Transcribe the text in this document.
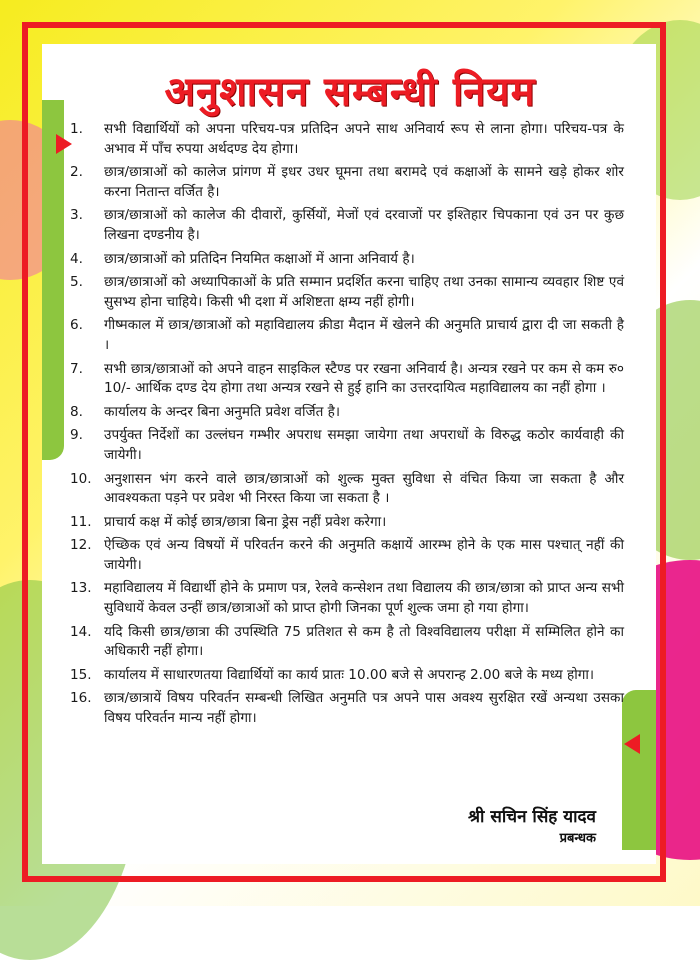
अनुशासन सम्बन्धी नियम
1.	सभी विद्यार्थियों को अपना परिचय-पत्र प्रतिदिन अपने साथ अनिवार्य रूप से लाना होगा। परिचय-पत्र के अभाव में पाँच रुपया अर्थदण्ड देय होगा।
2.	छात्र/छात्राओं को कालेज प्रांगण में इधर उधर घूमना तथा बरामदे एवं कक्षाओं के सामने खड़े होकर शोर करना नितान्त वर्जित है।
3.	छात्र/छात्राओं को कालेज की दीवारों, कुर्सियों, मेजों एवं दरवाजों पर इश्तिहार चिपकाना एवं उन पर कुछ लिखना दण्डनीय है।
4.	छात्र/छात्राओं को प्रतिदिन नियमित कक्षाओं में आना अनिवार्य है।
5.	छात्र/छात्राओं को अध्यापिकाओं के प्रति सम्मान प्रदर्शित करना चाहिए तथा उनका सामान्य व्यवहार शिष्ट एवं सुसभ्य होना चाहिये। किसी भी दशा में अशिष्टता क्षम्य नहीं होगी।
6.	गीष्मकाल में छात्र/छात्राओं को महाविद्यालय क्रीडा मैदान में खेलने की अनुमति प्राचार्य द्वारा दी जा सकती है ।
7.	सभी छात्र/छात्राओं को अपने वाहन साइकिल स्टैण्ड पर रखना अनिवार्य है। अन्यत्र रखने पर कम से कम रु० 10/- आर्थिक दण्ड देय होगा तथा अन्यत्र रखने से हुई हानि का उत्तरदायित्व महाविद्यालय का नहीं होगा ।
8.	कार्यालय के अन्दर बिना अनुमति प्रवेश वर्जित है।
9.	उपर्युक्त निर्देशों का उल्लंघन गम्भीर अपराध समझा जायेगा तथा अपराधों के विरुद्ध कठोर कार्यवाही की जायेगी।
10. अनुशासन भंग करने वाले छात्र/छात्राओं को शुल्क मुक्त सुविधा से वंचित किया जा सकता है और आवश्यकता पड़ने पर प्रवेश भी निरस्त किया जा सकता है ।
11. प्राचार्य कक्ष में कोई छात्र/छात्रा बिना ड्रेस नहीं प्रवेश करेगा।
12. ऐच्छिक एवं अन्य विषयों में परिवर्तन करने की अनुमति कक्षायें आरम्भ होने के एक मास पश्चात् नहीं की जायेगी।
13. महाविद्यालय में विद्यार्थी होने के प्रमाण पत्र, रेलवे कन्सेशन तथा विद्यालय की छात्र/छात्रा को प्राप्त अन्य सभी सुविधायें केवल उन्हीं छात्र/छात्राओं को प्राप्त होगी जिनका पूर्ण शुल्क जमा हो गया होगा।
14. यदि किसी छात्र/छात्रा की उपस्थिति 75 प्रतिशत से कम है तो विश्वविद्यालय परीक्षा में सम्मिलित होने का अधिकारी नहीं होगा।
15. कार्यालय में साधारणतया विद्यार्थियों का कार्य प्रातः 10.00 बजे से अपरान्ह 2.00 बजे के मध्य होगा।
16. छात्र/छात्रायें विषय परिवर्तन सम्बन्धी लिखित अनुमति पत्र अपने पास अवश्य सुरक्षित रखें अन्यथा उसका विषय परिवर्तन मान्य नहीं होगा।
श्री सचिन सिंह यादव
प्रबन्धक
